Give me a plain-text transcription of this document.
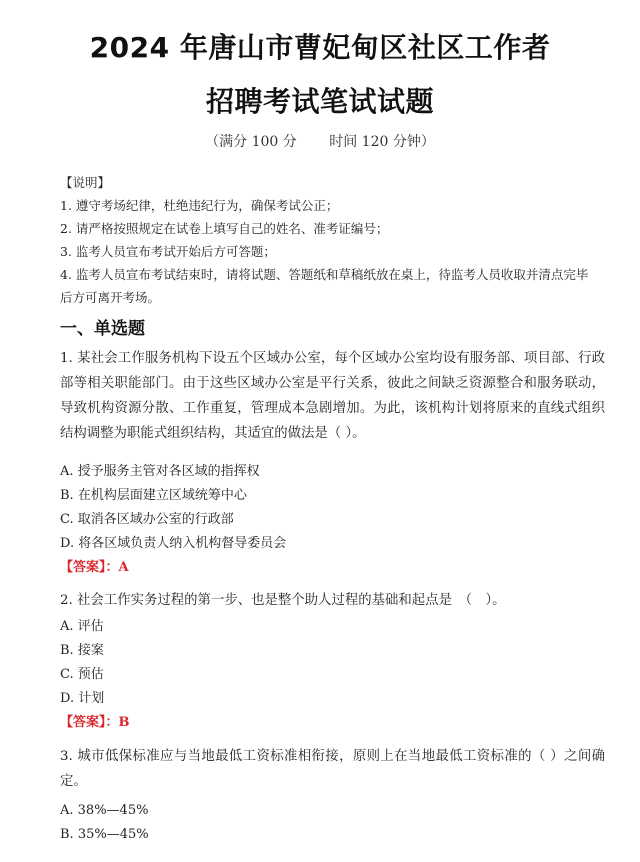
2024 年唐山市曹妃甸区社区工作者
招聘考试笔试试题
（满分 100 分 时间 120 分钟）
【说明】
1. 遵守考场纪律，杜绝违纪行为，确保考试公正；
2. 请严格按照规定在试卷上填写自己的姓名、准考证编号；
3. 监考人员宣布考试开始后方可答题；
4. 监考人员宣布考试结束时，请将试题、答题纸和草稿纸放在桌上，待监考人员收取并清点完毕后方可离开考场。
一、单选题
1. 某社会工作服务机构下设五个区域办公室，每个区域办公室均设有服务部、项目部、行政部等相关职能部门。由于这些区域办公室是平行关系，彼此之间缺乏资源整合和服务联动，导致机构资源分散、工作重复，管理成本急剧增加。为此，该机构计划将原来的直线式组织结构调整为职能式组织结构，其适宜的做法是（ ）。
A. 授予服务主管对各区域的指挥权
B. 在机构层面建立区域统筹中心
C. 取消各区域办公室的行政部
D. 将各区域负责人纳入机构督导委员会
【答案】：A
2. 社会工作实务过程的第一步、也是整个助人过程的基础和起点是　（　）。
A. 评估
B. 接案
C. 预估
D. 计划
【答案】：B
3. 城市低保标准应与当地最低工资标准相衔接，原则上在当地最低工资标准的（ ）之间确定。
A. 38%—45%
B. 35%—45%
